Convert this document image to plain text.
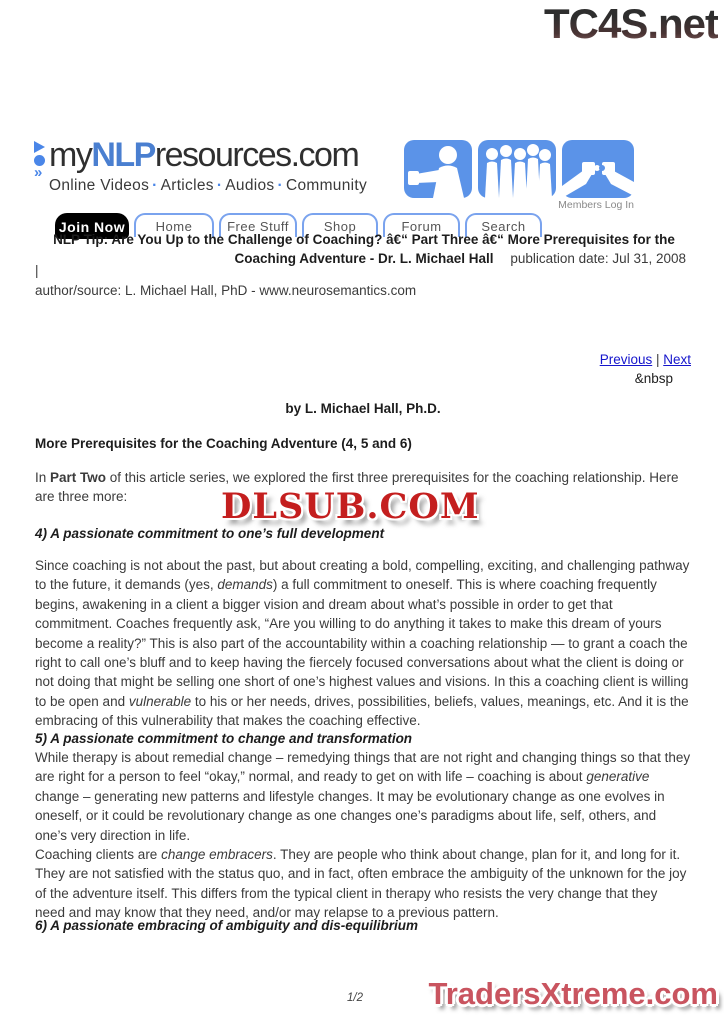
TC4S.net
»
myNLPresources.com
Online Videos · Articles · Audios · Community
Members Log In
Join Now	Home	Free Stuff	Shop	Forum	Search
NLP Tip: Are You Up to the Challenge of Coaching? â€“ Part Three â€“ More Prerequisites for the
Coaching Adventure - Dr. L. Michael Hall publication date: Jul 31, 2008
|
author/source: L. Michael Hall, PhD - www.neurosemantics.com
Previous | Next
&nbsp
by L. Michael Hall, Ph.D.
More Prerequisites for the Coaching Adventure (4, 5 and 6)
In Part Two of this article series, we explored the first three prerequisites for the coaching relationship. Here are three more:
4) A passionate commitment to one’s full development
Since coaching is not about the past, but about creating a bold, compelling, exciting, and challenging pathway to the future, it demands (yes, demands) a full commitment to oneself. This is where coaching frequently begins, awakening in a client a bigger vision and dream about what’s possible in order to get that commitment. Coaches frequently ask, “Are you willing to do anything it takes to make this dream of yours become a reality?” This is also part of the accountability within a coaching relationship — to grant a coach the right to call one’s bluff and to keep having the fiercely focused conversations about what the client is doing or not doing that might be selling one short of one’s highest values and visions. In this a coaching client is willing to be open and vulnerable to his or her needs, drives, possibilities, beliefs, values, meanings, etc. And it is the embracing of this vulnerability that makes the coaching effective.
5) A passionate commitment to change and transformation
While therapy is about remedial change – remedying things that are not right and changing things so that they are right for a person to feel “okay,” normal, and ready to get on with life – coaching is about generative change – generating new patterns and lifestyle changes. It may be evolutionary change as one evolves in oneself, or it could be revolutionary change as one changes one’s paradigms about life, self, others, and one’s very direction in life.
Coaching clients are change embracers. They are people who think about change, plan for it, and long for it. They are not satisfied with the status quo, and in fact, often embrace the ambiguity of the unknown for the joy of the adventure itself. This differs from the typical client in therapy who resists the very change that they need and may know that they need, and/or may relapse to a previous pattern.
6) A passionate embracing of ambiguity and dis-equilibrium
DLSUB.COM
1/2 TradersXtreme.com
